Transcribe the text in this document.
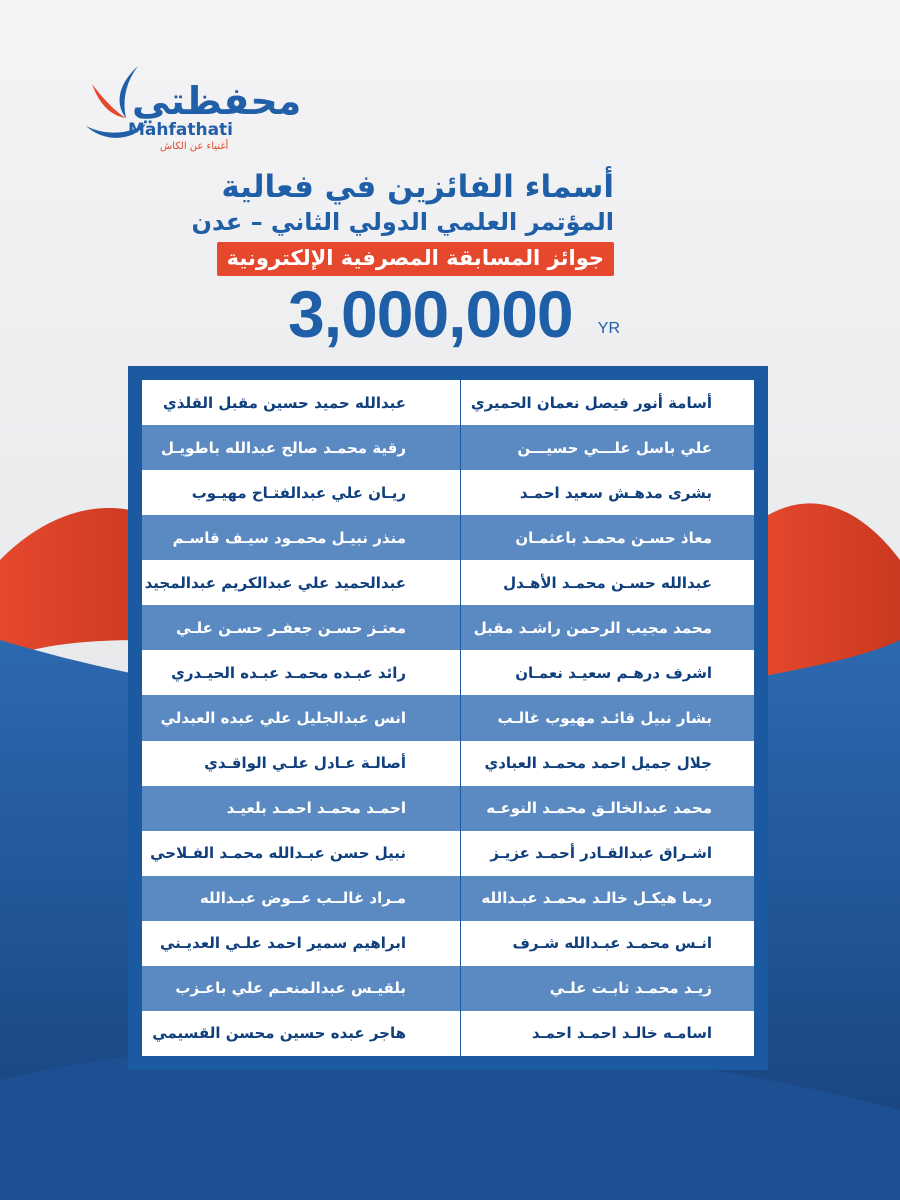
محفظتي
Mahfathati
أغنياء عن الكاش
أسماء الفائزين في فعالية
المؤتمر العلمي الدولي الثاني – عدن
جوائز المسابقة المصرفية الإلكترونية
3,000,000 YR
أسامة أنور فيصل نعمان الحميري
عبدالله حميد حسين مقبل القلذي
علي باسل علـــي حسيـــن
رقية محمـد صالح عبدالله باطويـل
بشرى مدهـش سعيد احمـد
ريـان علي عبدالفتـاح مهيـوب
معاذ حسـن محمـد باعثمـان
منذر نبيـل محمـود سيـف قاسـم
عبدالله حسـن محمـد الأهـدل
عبدالحميد علي عبدالكريم عبدالمجيد
محمد مجيب الرحمن راشـد مقبل
معتـز حسـن جعفـر حسـن علـي
اشرف درهـم سعيـد نعمـان
رائد عبـده محمـد عبـده الحيـدري
بشار نبيل قائـد مهيوب غالـب
انس عبدالجليل علي عبده العبدلي
جلال جميل احمد محمـد العبادي
أصالـة عـادل علـي الواقـدي
محمد عبدالخالـق محمـد النوعـه
احمـد محمـد احمـد بلعيـد
اشـراق عبدالقـادر أحمـد عزيـز
نبيل حسن عبـدالله محمـد الفـلاحي
ريما هيكـل خالـد محمـد عبـدالله
مـراد غالــب عــوض عبـدالله
انـس محمـد عبـدالله شـرف
ابراهيم سمير احمد علـي العديـني
زيـد محمـد ثابـت علـي
بلقيـس عبدالمنعـم علي باعـزب
اسامـه خالـد احمـد احمـد
هاجر عبده حسين محسن القسيمي
